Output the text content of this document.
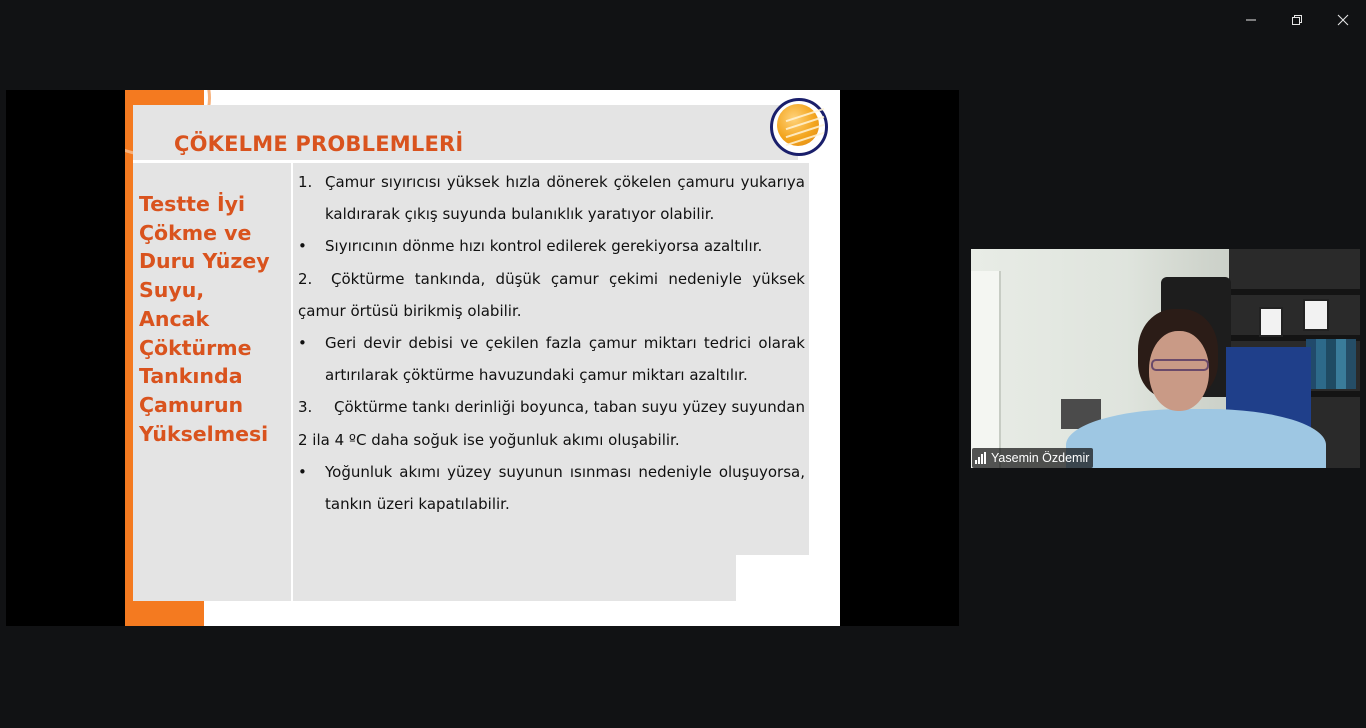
ÇÖKELME PROBLEMLERİ
Testte İyi
Çökme ve
Duru Yüzey
Suyu,
Ancak
Çöktürme
Tankında
Çamurun
Yükselmesi
1. Çamur sıyırıcısı yüksek hızla dönerek çökelen çamuru yukarıya kaldırarak çıkış suyunda bulanıklık yaratıyor olabilir.
•	Sıyırıcının dönme hızı kontrol edilerek gerekiyorsa azaltılır.
2.	Çöktürme tankında, düşük çamur çekimi nedeniyle yüksek çamur örtüsü birikmiş olabilir.
•	Geri devir debisi ve çekilen fazla çamur miktarı tedrici olarak artırılarak çöktürme havuzundaki çamur miktarı azaltılır.
3.	Çöktürme tankı derinliği boyunca, taban suyu yüzey suyundan 2 ila 4 ºC daha soğuk ise yoğunluk akımı oluşabilir.
•	Yoğunluk akımı yüzey suyunun ısınması nedeniyle oluşuyorsa, tankın üzeri kapatılabilir.
Yasemin Özdemir
